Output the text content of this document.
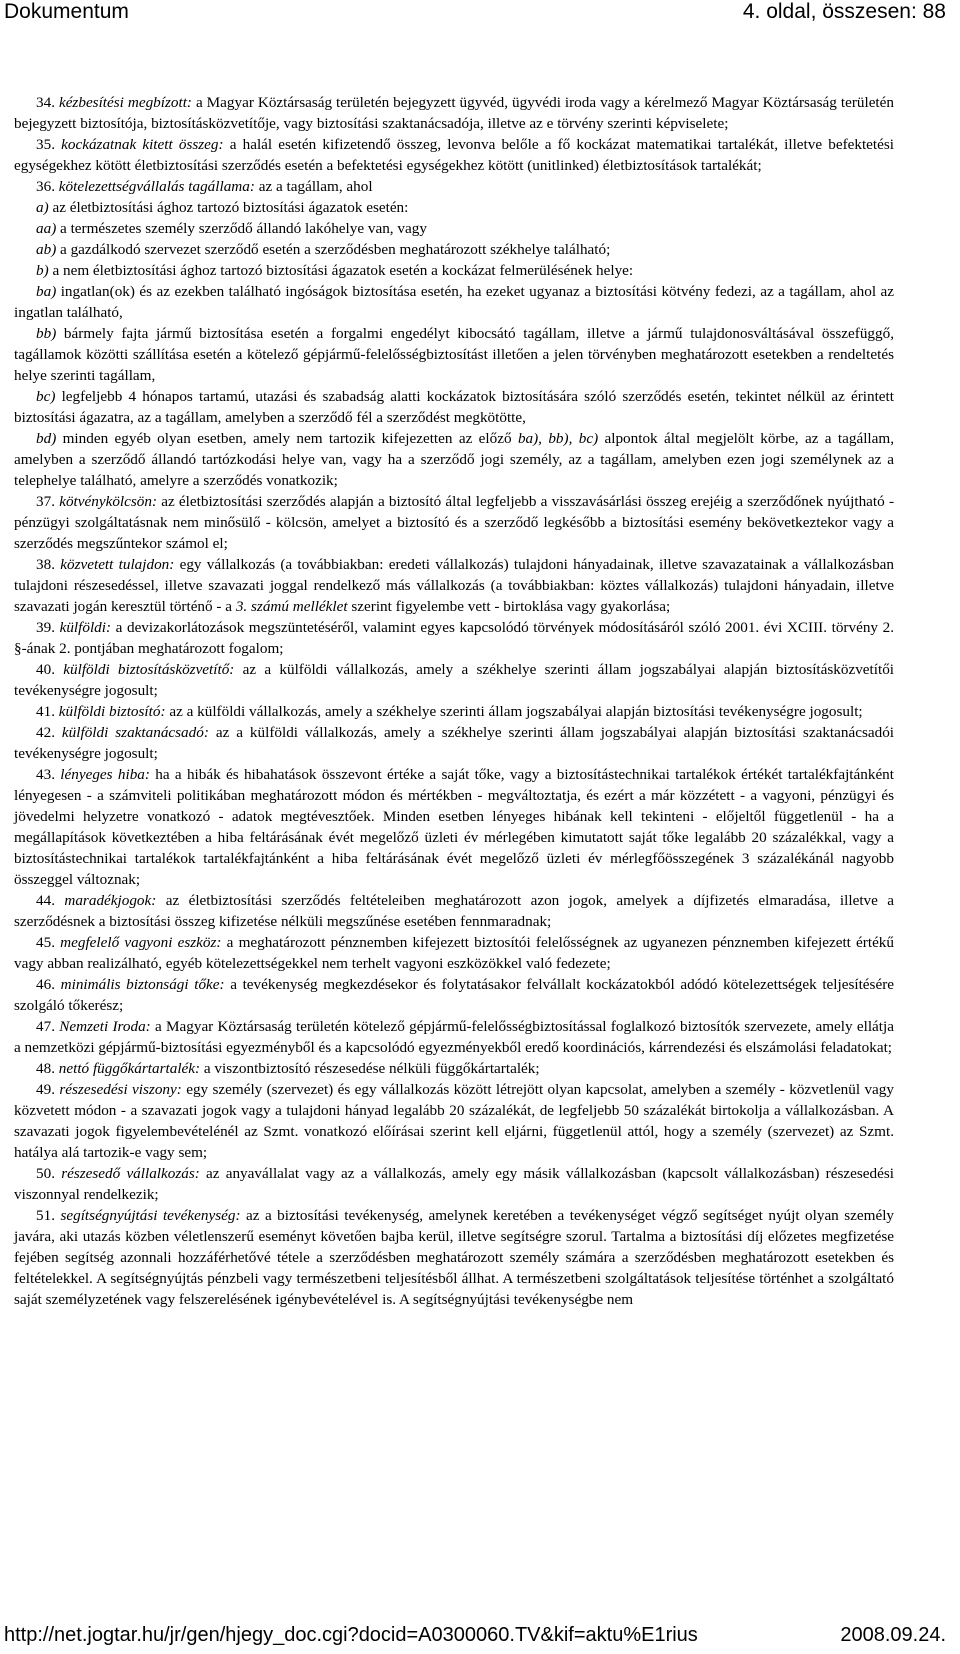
Dokumentum	4. oldal, összesen: 88

34. kézbesítési megbízott: a Magyar Köztársaság területén bejegyzett ügyvéd, ügyvédi iroda vagy a kérelmező Magyar Köztársaság területén bejegyzett biztosítója, biztosításközvetítője, vagy biztosítási szaktanácsadója, illetve az e törvény szerinti képviselete;

35. kockázatnak kitett összeg: a halál esetén kifizetendő összeg, levonva belőle a fő kockázat matematikai tartalékát, illetve befektetési egységekhez kötött életbiztosítási szerződés esetén a befektetési egységekhez kötött (unitlinked) életbiztosítások tartalékát;

36. kötelezettségvállalás tagállama: az a tagállam, ahol

a) az életbiztosítási ághoz tartozó biztosítási ágazatok esetén:

aa) a természetes személy szerződő állandó lakóhelye van, vagy

ab) a gazdálkodó szervezet szerződő esetén a szerződésben meghatározott székhelye található;

b) a nem életbiztosítási ághoz tartozó biztosítási ágazatok esetén a kockázat felmerülésének helye:

ba) ingatlan(ok) és az ezekben található ingóságok biztosítása esetén, ha ezeket ugyanaz a biztosítási kötvény fedezi, az a tagállam, ahol az ingatlan található,

bb) bármely fajta jármű biztosítása esetén a forgalmi engedélyt kibocsátó tagállam, illetve a jármű tulajdonosváltásával összefüggő, tagállamok közötti szállítása esetén a kötelező gépjármű-felelősségbiztosítást illetően a jelen törvényben meghatározott esetekben a rendeltetés helye szerinti tagállam,

bc) legfeljebb 4 hónapos tartamú, utazási és szabadság alatti kockázatok biztosítására szóló szerződés esetén, tekintet nélkül az érintett biztosítási ágazatra, az a tagállam, amelyben a szerződő fél a szerződést megkötötte,

bd) minden egyéb olyan esetben, amely nem tartozik kifejezetten az előző ba), bb), bc) alpontok által megjelölt körbe, az a tagállam, amelyben a szerződő állandó tartózkodási helye van, vagy ha a szerződő jogi személy, az a tagállam, amelyben ezen jogi személynek az a telephelye található, amelyre a szerződés vonatkozik;

37. kötvénykölcsön: az életbiztosítási szerződés alapján a biztosító által legfeljebb a visszavásárlási összeg erejéig a szerződőnek nyújtható - pénzügyi szolgáltatásnak nem minősülő - kölcsön, amelyet a biztosító és a szerződő legkésőbb a biztosítási esemény bekövetkeztekor vagy a szerződés megszűntekor számol el;

38. közvetett tulajdon: egy vállalkozás (a továbbiakban: eredeti vállalkozás) tulajdoni hányadainak, illetve szavazatainak a vállalkozásban tulajdoni részesedéssel, illetve szavazati joggal rendelkező más vállalkozás (a továbbiakban: köztes vállalkozás) tulajdoni hányadain, illetve szavazati jogán keresztül történő - a 3. számú melléklet szerint figyelembe vett - birtoklása vagy gyakorlása;

39. külföldi: a devizakorlátozások megszüntetéséről, valamint egyes kapcsolódó törvények módosításáról szóló 2001. évi XCIII. törvény 2. §-ának 2. pontjában meghatározott fogalom;

40. külföldi biztosításközvetítő: az a külföldi vállalkozás, amely a székhelye szerinti állam jogszabályai alapján biztosításközvetítői tevékenységre jogosult;

41. külföldi biztosító: az a külföldi vállalkozás, amely a székhelye szerinti állam jogszabályai alapján biztosítási tevékenységre jogosult;

42. külföldi szaktanácsadó: az a külföldi vállalkozás, amely a székhelye szerinti állam jogszabályai alapján biztosítási szaktanácsadói tevékenységre jogosult;

43. lényeges hiba: ha a hibák és hibahatások összevont értéke a saját tőke, vagy a biztosítástechnikai tartalékok értékét tartalékfajtánként lényegesen - a számviteli politikában meghatározott módon és mértékben - megváltoztatja, és ezért a már közzétett - a vagyoni, pénzügyi és jövedelmi helyzetre vonatkozó - adatok megtévesztőek. Minden esetben lényeges hibának kell tekinteni - előjeltől függetlenül - ha a megállapítások következtében a hiba feltárásának évét megelőző üzleti év mérlegében kimutatott saját tőke legalább 20 százalékkal, vagy a biztosítástechnikai tartalékok tartalékfajtánként a hiba feltárásának évét megelőző üzleti év mérlegfőösszegének 3 százalékánál nagyobb összeggel változnak;

44. maradékjogok: az életbiztosítási szerződés feltételeiben meghatározott azon jogok, amelyek a díjfizetés elmaradása, illetve a szerződésnek a biztosítási összeg kifizetése nélküli megszűnése esetében fennmaradnak;

45. megfelelő vagyoni eszköz: a meghatározott pénznemben kifejezett biztosítói felelősségnek az ugyanezen pénznemben kifejezett értékű vagy abban realizálható, egyéb kötelezettségekkel nem terhelt vagyoni eszközökkel való fedezete;

46. minimális biztonsági tőke: a tevékenység megkezdésekor és folytatásakor felvállalt kockázatokból adódó kötelezettségek teljesítésére szolgáló tőkerész;

47. Nemzeti Iroda: a Magyar Köztársaság területén kötelező gépjármű-felelősségbiztosítással foglalkozó biztosítók szervezete, amely ellátja a nemzetközi gépjármű-biztosítási egyezményből és a kapcsolódó egyezményekből eredő koordinációs, kárrendezési és elszámolási feladatokat;

48. nettó függőkártartalék: a viszontbiztosító részesedése nélküli függőkártartalék;

49. részesedési viszony: egy személy (szervezet) és egy vállalkozás között létrejött olyan kapcsolat, amelyben a személy - közvetlenül vagy közvetett módon - a szavazati jogok vagy a tulajdoni hányad legalább 20 százalékát, de legfeljebb 50 százalékát birtokolja a vállalkozásban. A szavazati jogok figyelembevételénél az Szmt. vonatkozó előírásai szerint kell eljárni, függetlenül attól, hogy a személy (szervezet) az Szmt. hatálya alá tartozik-e vagy sem;

50. részesedő vállalkozás: az anyavállalat vagy az a vállalkozás, amely egy másik vállalkozásban (kapcsolt vállalkozásban) részesedési viszonnyal rendelkezik;

51. segítségnyújtási tevékenység: az a biztosítási tevékenység, amelynek keretében a tevékenységet végző segítséget nyújt olyan személy javára, aki utazás közben véletlenszerű eseményt követően bajba kerül, illetve segítségre szorul. Tartalma a biztosítási díj előzetes megfizetése fejében segítség azonnali hozzáférhetővé tétele a szerződésben meghatározott személy számára a szerződésben meghatározott esetekben és feltételekkel. A segítségnyújtás pénzbeli vagy természetbeni teljesítésből állhat. A természetbeni szolgáltatások teljesítése történhet a szolgáltató saját személyzetének vagy felszerelésének igénybevételével is. A segítségnyújtási tevékenységbe nem

http://net.jogtar.hu/jr/gen/hjegy_doc.cgi?docid=A0300060.TV&kif=aktu%E1rius	2008.09.24.
